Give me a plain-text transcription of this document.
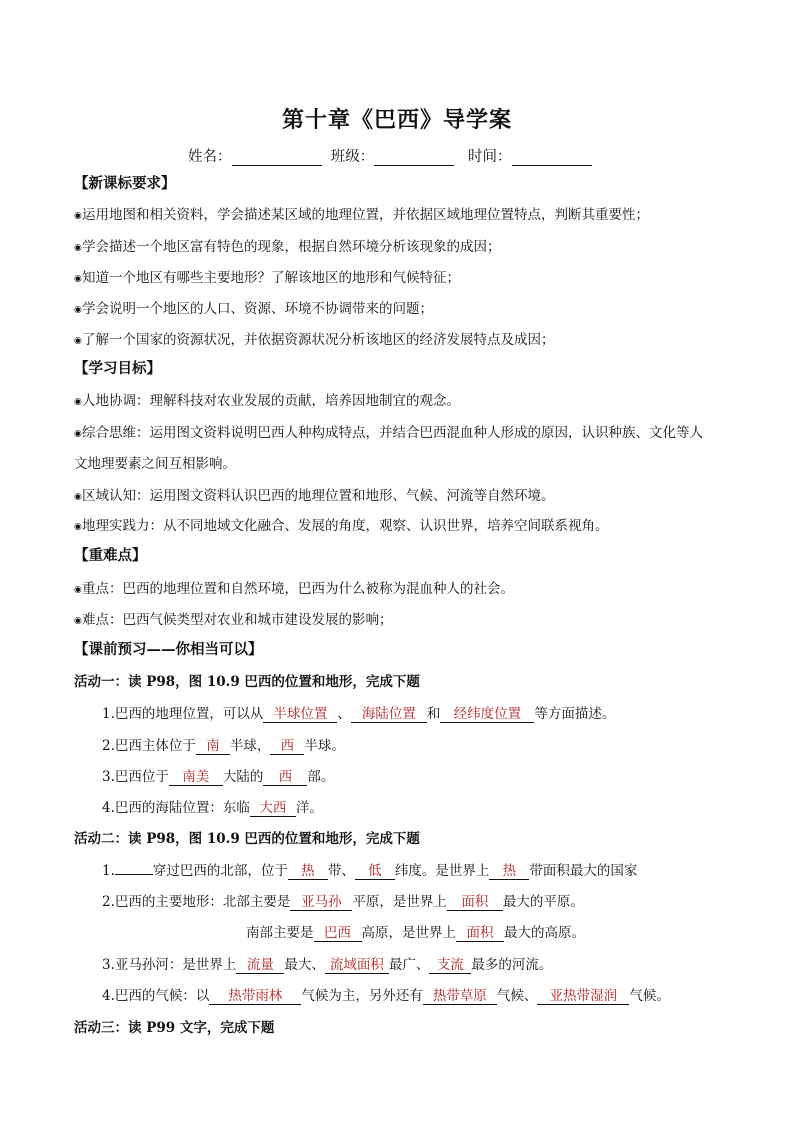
第十章《巴西》导学案
姓名：	班级：	时间：
【新课标要求】
◉运用地图和相关资料，学会描述某区域的地理位置，并依据区域地理位置特点，判断其重要性；
◉学会描述一个地区富有特色的现象，根据自然环境分析该现象的成因；
◉知道一个地区有哪些主要地形？了解该地区的地形和气候特征；
◉学会说明一个地区的人口、资源、环境不协调带来的问题；
◉了解一个国家的资源状况，并依据资源状况分析该地区的经济发展特点及成因；
【学习目标】
◉人地协调：理解科技对农业发展的贡献，培养因地制宜的观念。
◉综合思维：运用图文资料说明巴西人种构成特点，并结合巴西混血种人形成的原因，认识种族、文化等人
文地理要素之间互相影响。
◉区域认知：运用图文资料认识巴西的地理位置和地形、气候、河流等自然环境。
◉地理实践力：从不同地域文化融合、发展的角度，观察、认识世界，培养空间联系视角。
【重难点】
◉重点：巴西的地理位置和自然环境，巴西为什么被称为混血种人的社会。
◉难点：巴西气候类型对农业和城市建设发展的影响；
【课前预习——你相当可以】
活动一：读 P98，图 10.9 巴西的位置和地形，完成下题
1.巴西的地理位置，可以从 半球位置 、 海陆位置 和 经纬度位置 等方面描述。
2.巴西主体位于 南 半球， 西 半球。
3.巴西位于 南美 大陆的 西 部。
4.巴西的海陆位置：东临 大西 洋。
活动二：读 P98，图 10.9 巴西的位置和地形，完成下题
1.	穿过巴西的北部，位于 热 带、 低 纬度。是世界上 热 带面积最大的国家
2.巴西的主要地形：北部主要是 亚马孙 平原，是世界上 面积 最大的平原。
南部主要是 巴西 高原，是世界上 面积 最大的高原。
3.亚马孙河：是世界上 流量 最大、 流域面积 最广、 支流 最多的河流。
4.巴西的气候：以 热带雨林 气候为主，另外还有 热带草原 气候、 亚热带湿润 气候。
活动三：读 P99 文字，完成下题
